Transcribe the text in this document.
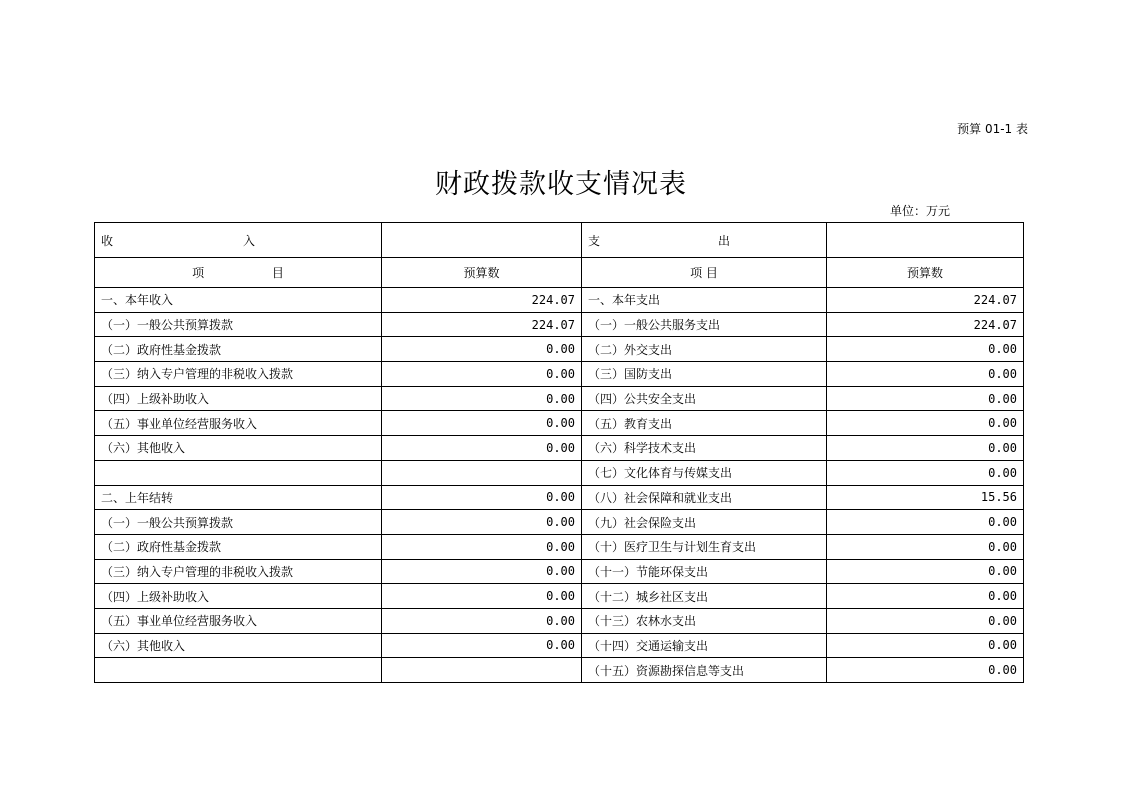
预算 01-1 表
财政拨款收支情况表
单位：万元
收 入		支 出	

项 目	预算数	项 目	预算数
一、本年收入	224.07	一、本年支出	224.07
（一）一般公共预算拨款	224.07	（一）一般公共服务支出	224.07
（二）政府性基金拨款	0.00	（二）外交支出	0.00
（三）纳入专户管理的非税收入拨款	0.00	（三）国防支出	0.00
（四）上级补助收入	0.00	（四）公共安全支出	0.00
（五）事业单位经营服务收入	0.00	（五）教育支出	0.00
（六）其他收入	0.00	（六）科学技术支出	0.00
		（七）文化体育与传媒支出	0.00
二、上年结转	0.00	（八）社会保障和就业支出	15.56
（一）一般公共预算拨款	0.00	（九）社会保险支出	0.00
（二）政府性基金拨款	0.00	（十）医疗卫生与计划生育支出	0.00
（三）纳入专户管理的非税收入拨款	0.00	（十一）节能环保支出	0.00
（四）上级补助收入	0.00	（十二）城乡社区支出	0.00
（五）事业单位经营服务收入	0.00	（十三）农林水支出	0.00
（六）其他收入	0.00	（十四）交通运输支出	0.00
		（十五）资源勘探信息等支出	0.00
